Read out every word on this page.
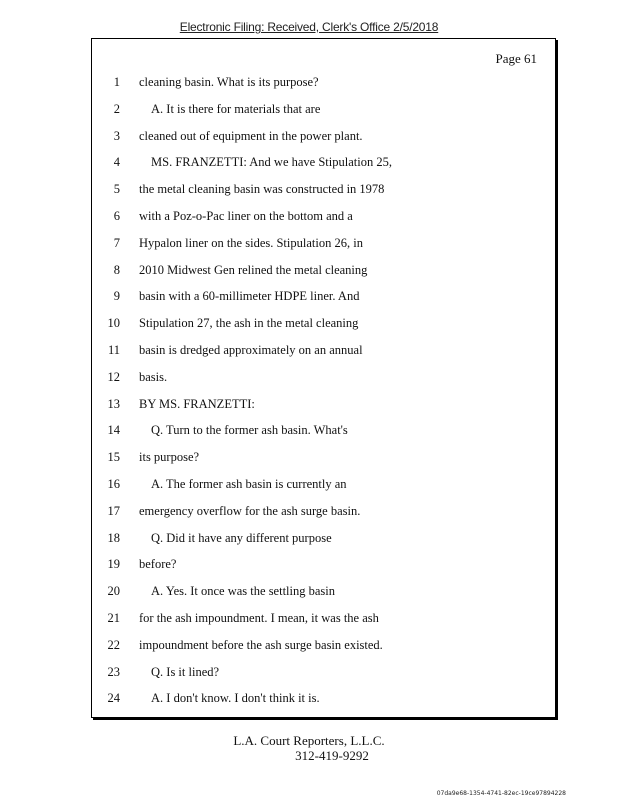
Electronic Filing: Received, Clerk's Office 2/5/2018
Page 61
1 cleaning basin. What is its purpose?
2 A. It is there for materials that are
3 cleaned out of equipment in the power plant.
4 MS. FRANZETTI: And we have Stipulation 25,
5 the metal cleaning basin was constructed in 1978
6 with a Poz-o-Pac liner on the bottom and a
7 Hypalon liner on the sides. Stipulation 26, in
8 2010 Midwest Gen relined the metal cleaning
9 basin with a 60-millimeter HDPE liner. And
10 Stipulation 27, the ash in the metal cleaning
11 basin is dredged approximately on an annual
12 basis.
13 BY MS. FRANZETTI:
14 Q. Turn to the former ash basin. What's
15 its purpose?
16 A. The former ash basin is currently an
17 emergency overflow for the ash surge basin.
18 Q. Did it have any different purpose
19 before?
20 A. Yes. It once was the settling basin
21 for the ash impoundment. I mean, it was the ash
22 impoundment before the ash surge basin existed.
23 Q. Is it lined?
24 A. I don't know. I don't think it is.
L.A. Court Reporters, L.L.C.
312-419-9292
07da9e68-1354-4741-82ec-19ce97894228
